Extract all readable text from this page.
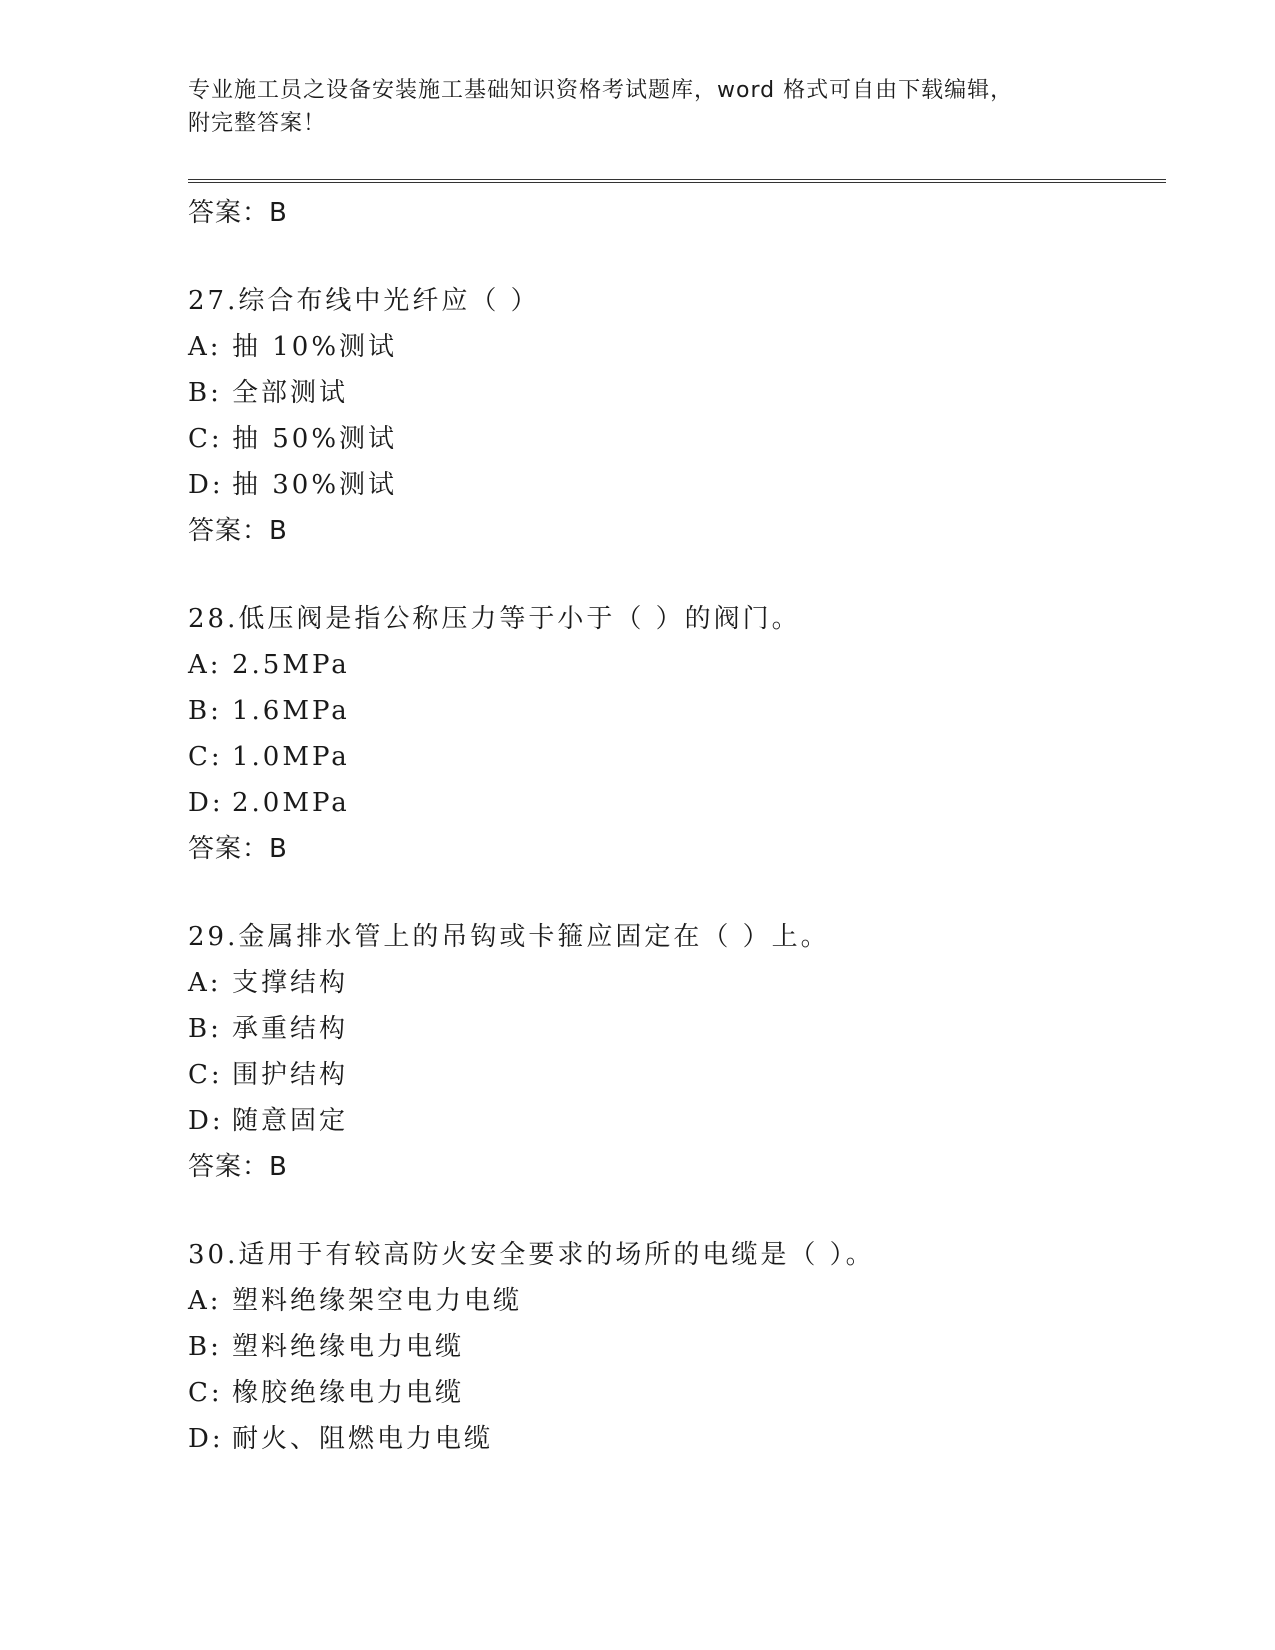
专业施工员之设备安装施工基础知识资格考试题库，word 格式可自由下载编辑，
附完整答案！
答案：B
27.综合布线中光纤应（ ）
A: 抽 10%测试
B: 全部测试
C: 抽 50%测试
D: 抽 30%测试
答案：B
28.低压阀是指公称压力等于小于（ ）的阀门。
A: 2.5MPa
B: 1.6MPa
C: 1.0MPa
D: 2.0MPa
答案：B
29.金属排水管上的吊钩或卡箍应固定在（ ）上。
A: 支撑结构
B: 承重结构
C: 围护结构
D: 随意固定
答案：B
30.适用于有较高防火安全要求的场所的电缆是（ ）。
A: 塑料绝缘架空电力电缆
B: 塑料绝缘电力电缆
C: 橡胶绝缘电力电缆
D: 耐火、阻燃电力电缆
